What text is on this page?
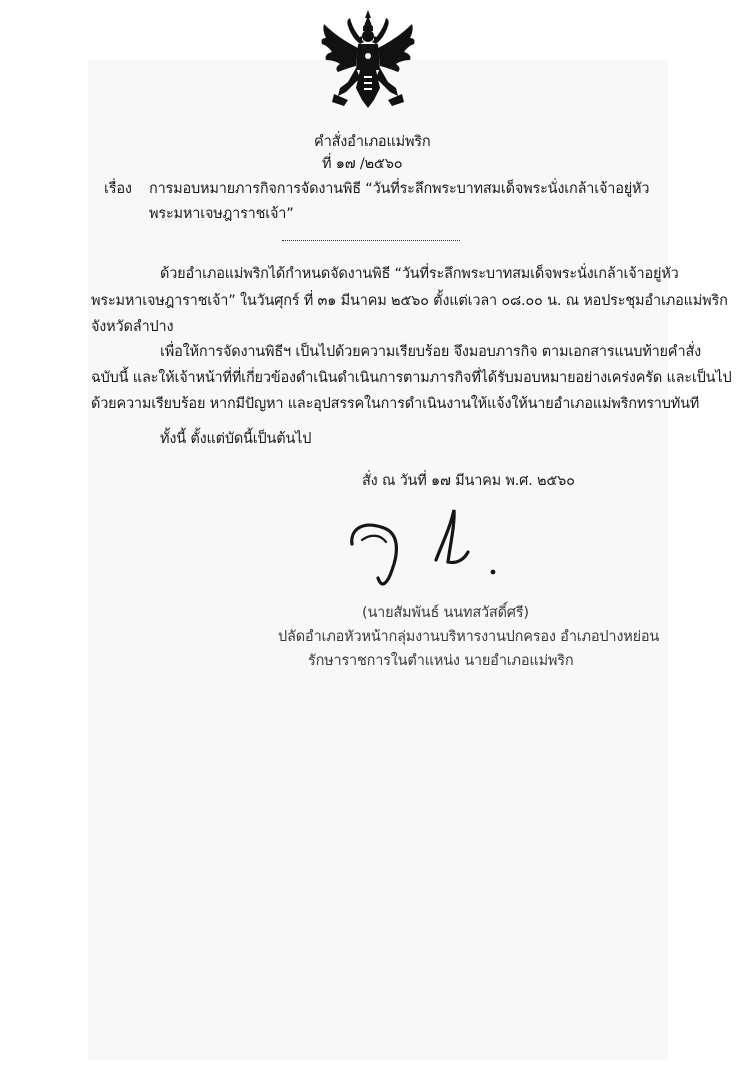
คำสั่งอำเภอแม่พริก
ที่ ๑๗ /๒๕๖๐
เรื่อง การมอบหมายภารกิจการจัดงานพิธี “วันที่ระลึกพระบาทสมเด็จพระนั่งเกล้าเจ้าอยู่หัว
พระมหาเจษฎาราชเจ้า”
ด้วยอำเภอแม่พริกได้กำหนดจัดงานพิธี “วันที่ระลึกพระบาทสมเด็จพระนั่งเกล้าเจ้าอยู่หัว
พระมหาเจษฎาราชเจ้า” ในวันศุกร์ ที่ ๓๑ มีนาคม ๒๕๖๐ ตั้งแต่เวลา ๐๘.๐๐ น. ณ หอประชุมอำเภอแม่พริก
จังหวัดลำปาง
เพื่อให้การจัดงานพิธีฯ เป็นไปด้วยความเรียบร้อย จึงมอบภารกิจ ตามเอกสารแนบท้ายคำสั่ง
ฉบับนี้ และให้เจ้าหน้าที่ที่เกี่ยวข้องดำเนินดำเนินการตามภารกิจที่ได้รับมอบหมายอย่างเคร่งครัด และเป็นไป
ด้วยความเรียบร้อย หากมีปัญหา และอุปสรรคในการดำเนินงานให้แจ้งให้นายอำเภอแม่พริกทราบทันที
ทั้งนี้ ตั้งแต่บัดนี้เป็นต้นไป
สั่ง ณ วันที่ ๑๗ มีนาคม พ.ศ. ๒๕๖๐
(นายสัมพันธ์ นนทสวัสดิ์ศรี)
ปลัดอำเภอหัวหน้ากลุ่มงานบริหารงานปกครอง อำเภอปางหย่อน
รักษาราชการในตำแหน่ง นายอำเภอแม่พริก
